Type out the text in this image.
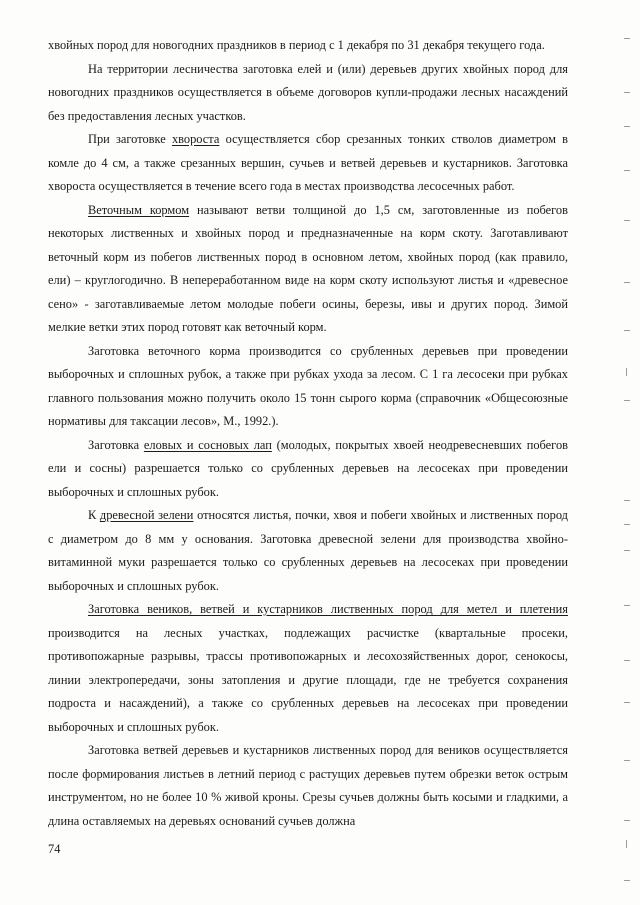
хвойных пород для новогодних праздников в период с 1 декабря по 31 декабря текущего года.

На территории лесничества заготовка елей и (или) деревьев других хвойных пород для новогодних праздников осуществляется в объеме договоров купли-продажи лесных насаждений без предоставления лесных участков.

При заготовке хвороста осуществляется сбор срезанных тонких стволов диаметром в комле до 4 см, а также срезанных вершин, сучьев и ветвей деревьев и кустарников. Заготовка хвороста осуществляется в течение всего года в местах производства лесосечных работ.

Веточным кормом называют ветви толщиной до 1,5 см, заготовленные из побегов некоторых лиственных и хвойных пород и предназначенные на корм скоту. Заготавливают веточный корм из побегов лиственных пород в основном летом, хвойных пород (как правило, ели) – круглогодично. В непереработанном виде на корм скоту используют листья и «древесное сено» - заготавливаемые летом молодые побеги осины, березы, ивы и других пород. Зимой мелкие ветки этих пород готовят как веточный корм.

Заготовка веточного корма производится со срубленных деревьев при проведении выборочных и сплошных рубок, а также при рубках ухода за лесом. С 1 га лесосеки при рубках главного пользования можно получить около 15 тонн сырого корма (справочник «Общесоюзные нормативы для таксации лесов», М., 1992.).

Заготовка еловых и сосновых лап (молодых, покрытых хвоей неодревесневших побегов ели и сосны) разрешается только со срубленных деревьев на лесосеках при проведении выборочных и сплошных рубок.

К древесной зелени относятся листья, почки, хвоя и побеги хвойных и лиственных пород с диаметром до 8 мм у основания. Заготовка древесной зелени для производства хвойно-витаминной муки разрешается только со срубленных деревьев на лесосеках при проведении выборочных и сплошных рубок.

Заготовка веников, ветвей и кустарников лиственных пород для метел и плетения производится на лесных участках, подлежащих расчистке (квартальные просеки, противопожарные разрывы, трассы противопожарных и лесохозяйственных дорог, сенокосы, линии электропередачи, зоны затопления и другие площади, где не требуется сохранения подроста и насаждений), а также со срубленных деревьев на лесосеках при проведении выборочных и сплошных рубок.

Заготовка ветвей деревьев и кустарников лиственных пород для веников осуществляется после формирования листьев в летний период с растущих деревьев путем обрезки веток острым инструментом, но не более 10 % живой кроны. Срезы сучьев должны быть косыми и гладкими, а длина оставляемых на деревьях оснований сучьев должна

74
